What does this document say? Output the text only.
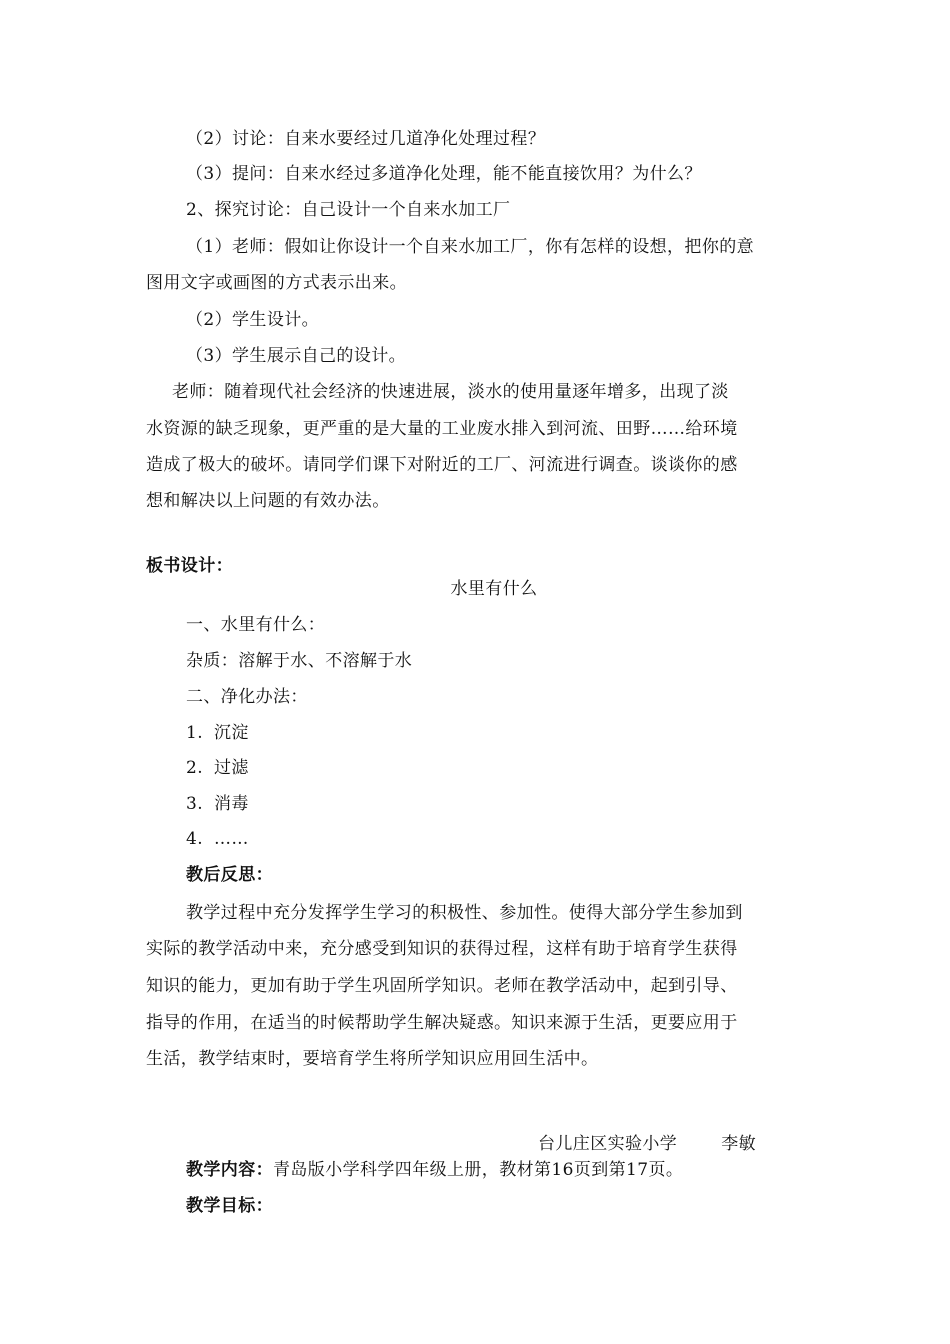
（2）讨论：自来水要经过几道净化处理过程？
（3）提问：自来水经过多道净化处理，能不能直接饮用？为什么？
2、探究讨论：自己设计一个自来水加工厂
（1）老师：假如让你设计一个自来水加工厂，你有怎样的设想，把你的意
图用文字或画图的方式表示出来。
（2）学生设计。
（3）学生展示自己的设计。
老师：随着现代社会经济的快速进展，淡水的使用量逐年增多，出现了淡
水资源的缺乏现象，更严重的是大量的工业废水排入到河流、田野……给环境
造成了极大的破坏。请同学们课下对附近的工厂、河流进行调查。谈谈你的感
想和解决以上问题的有效办法。
板书设计：
水里有什么
一、水里有什么：
杂质：溶解于水、不溶解于水
二、净化办法：
1. 沉淀
2. 过滤
3. 消毒
4. ……
教后反思：
教学过程中充分发挥学生学习的积极性、参加性。使得大部分学生参加到
实际的教学活动中来，充分感受到知识的获得过程，这样有助于培育学生获得
知识的能力，更加有助于学生巩固所学知识。老师在教学活动中，起到引导、
指导的作用，在适当的时候帮助学生解决疑惑。知识来源于生活，更要应用于
生活，教学结束时，要培育学生将所学知识应用回生活中。
台儿庄区实验小学	李敏
教学内容：青岛版小学科学四年级上册，教材第16页到第17页。
教学目标：
